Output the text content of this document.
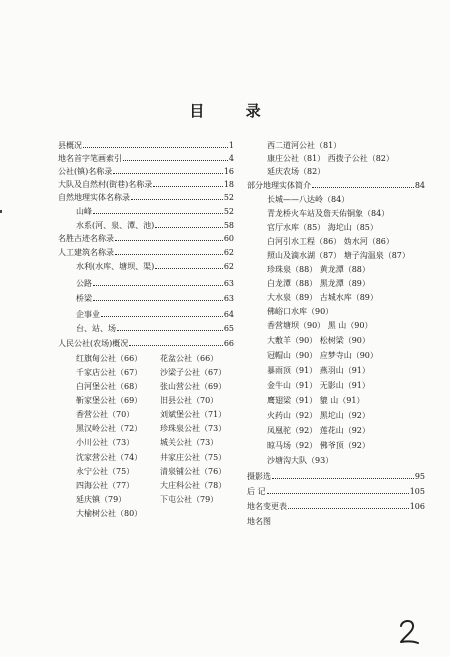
目 录
县概况	1
地名首字笔画索引	4
公社(镇)名称录	16
大队及自然村(街巷)名称录	18
自然地理实体名称录	52
山峰	52
水系(河、泉、潭、池)	58
名胜古迹名称录	60
人工建筑名称录	62
水利(水库、塘坝、渠)	62
公路	63
桥梁	63
企事业	64
台、站、场	65
人民公社(农场)概况	66
红旗甸公社（66） 花盆公社（66）
千家店公社（67） 沙梁子公社（67）
白河堡公社（68） 张山营公社（69）
靳家堡公社（69） 旧县公社（70）
香营公社（70）	刘斌堡公社（71）
黑汉岭公社（72） 珍珠泉公社（73）
小川公社（73）	城关公社（73）
沈家营公社（74） 井家庄公社（75）
永宁公社（75）	清泉铺公社（76）
四海公社（77）	大庄科公社（78）
延庆镇（79）	下屯公社（79）
大榆树公社（80）
西二道河公社（81）
康庄公社（81） 西拨子公社（82）
延庆农场（82）
部分地理实体简介	84
长城——八达岭（84）
青龙桥火车站及詹天佑铜象（84）
官厅水库（85） 海坨山（85）
白河引水工程（86） 妫水河（86）
照山及滴水湖（87） 塘子沟温泉（87）
珍珠泉（88） 黄龙潭（88）
白龙潭（88） 黑龙潭（89）
大水泉（89） 古城水库（89）
佛峪口水库（90）
香营塘坝（90） 黑 山（90）
大敷羊（90） 松树梁（90）
冠帽山（90） 应梦寺山（90）
暴雨顶（91） 燕羽山（91）
金牛山（91） 无影山（91）
鹰翅梁（91） 貔 山（91）
火药山（92） 黑坨山（92）
凤凰驼（92） 莲花山（92）
晾马场（92） 佛爷顶（92）
沙塘沟大队（93）
摄影选	95
后 记	105
地名变更表	106
地名图
